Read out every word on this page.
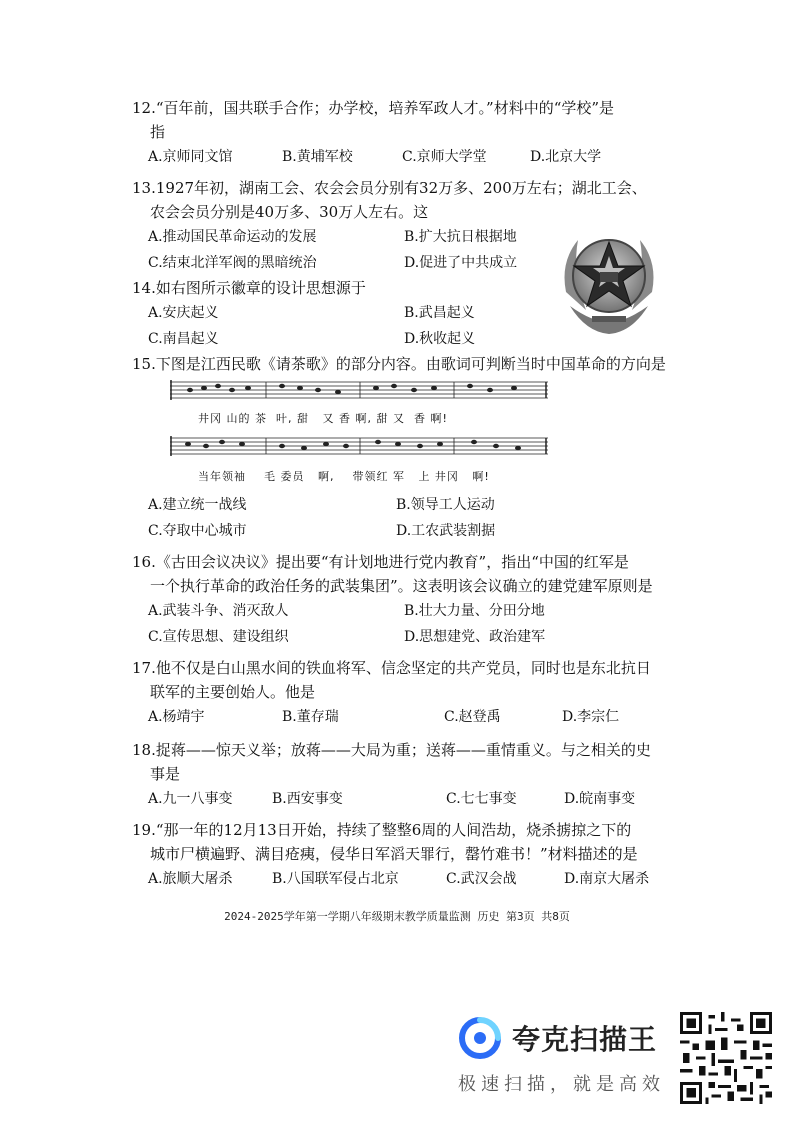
12.“百年前，国共联手合作；办学校，培养军政人才。”材料中的“学校”是
指
A.京师同文馆	B.黄埔军校	C.京师大学堂	D.北京大学
13.1927年初，湖南工会、农会会员分别有32万多、200万左右；湖北工会、
农会会员分别是40万多、30万人左右。这
A.推动国民革命运动的发展	B.扩大抗日根据地
C.结束北洋军阀的黑暗统治	D.促进了中共成立
14.如右图所示徽章的设计思想源于
A.安庆起义	B.武昌起义
C.南昌起义	D.秋收起义
15.下图是江西民歌《请茶歌》的部分内容。由歌词可判断当时中国革命的方向是
井冈 山的 茶  叶, 甜   又 香 啊, 甜 又  香 啊!
当年领袖    毛 委员   啊,    带领红 军   上 井冈   啊!
A.建立统一战线	B.领导工人运动
C.夺取中心城市	D.工农武装割据
16.《古田会议决议》提出要“有计划地进行党内教育”，指出“中国的红军是
一个执行革命的政治任务的武装集团”。这表明该会议确立的建党建军原则是
A.武装斗争、消灭敌人	B.壮大力量、分田分地
C.宣传思想、建设组织	D.思想建党、政治建军
17.他不仅是白山黑水间的铁血将军、信念坚定的共产党员，同时也是东北抗日
联军的主要创始人。他是
A.杨靖宇	B.董存瑞	C.赵登禹	D.李宗仁
18.捉蒋——惊天义举；放蒋——大局为重；送蒋——重情重义。与之相关的史
事是
A.九一八事变	B.西安事变	C.七七事变	D.皖南事变
19.“那一年的12月13日开始，持续了整整6周的人间浩劫，烧杀掳掠之下的
城市尸横遍野、满目疮痍，侵华日军滔天罪行，罄竹难书！”材料描述的是
A.旅顺大屠杀	B.八国联军侵占北京	C.武汉会战	D.南京大屠杀
2024-2025学年第一学期八年级期末教学质量监测 历史 第3页 共8页
夸克扫描王
极速扫描，就是高效
